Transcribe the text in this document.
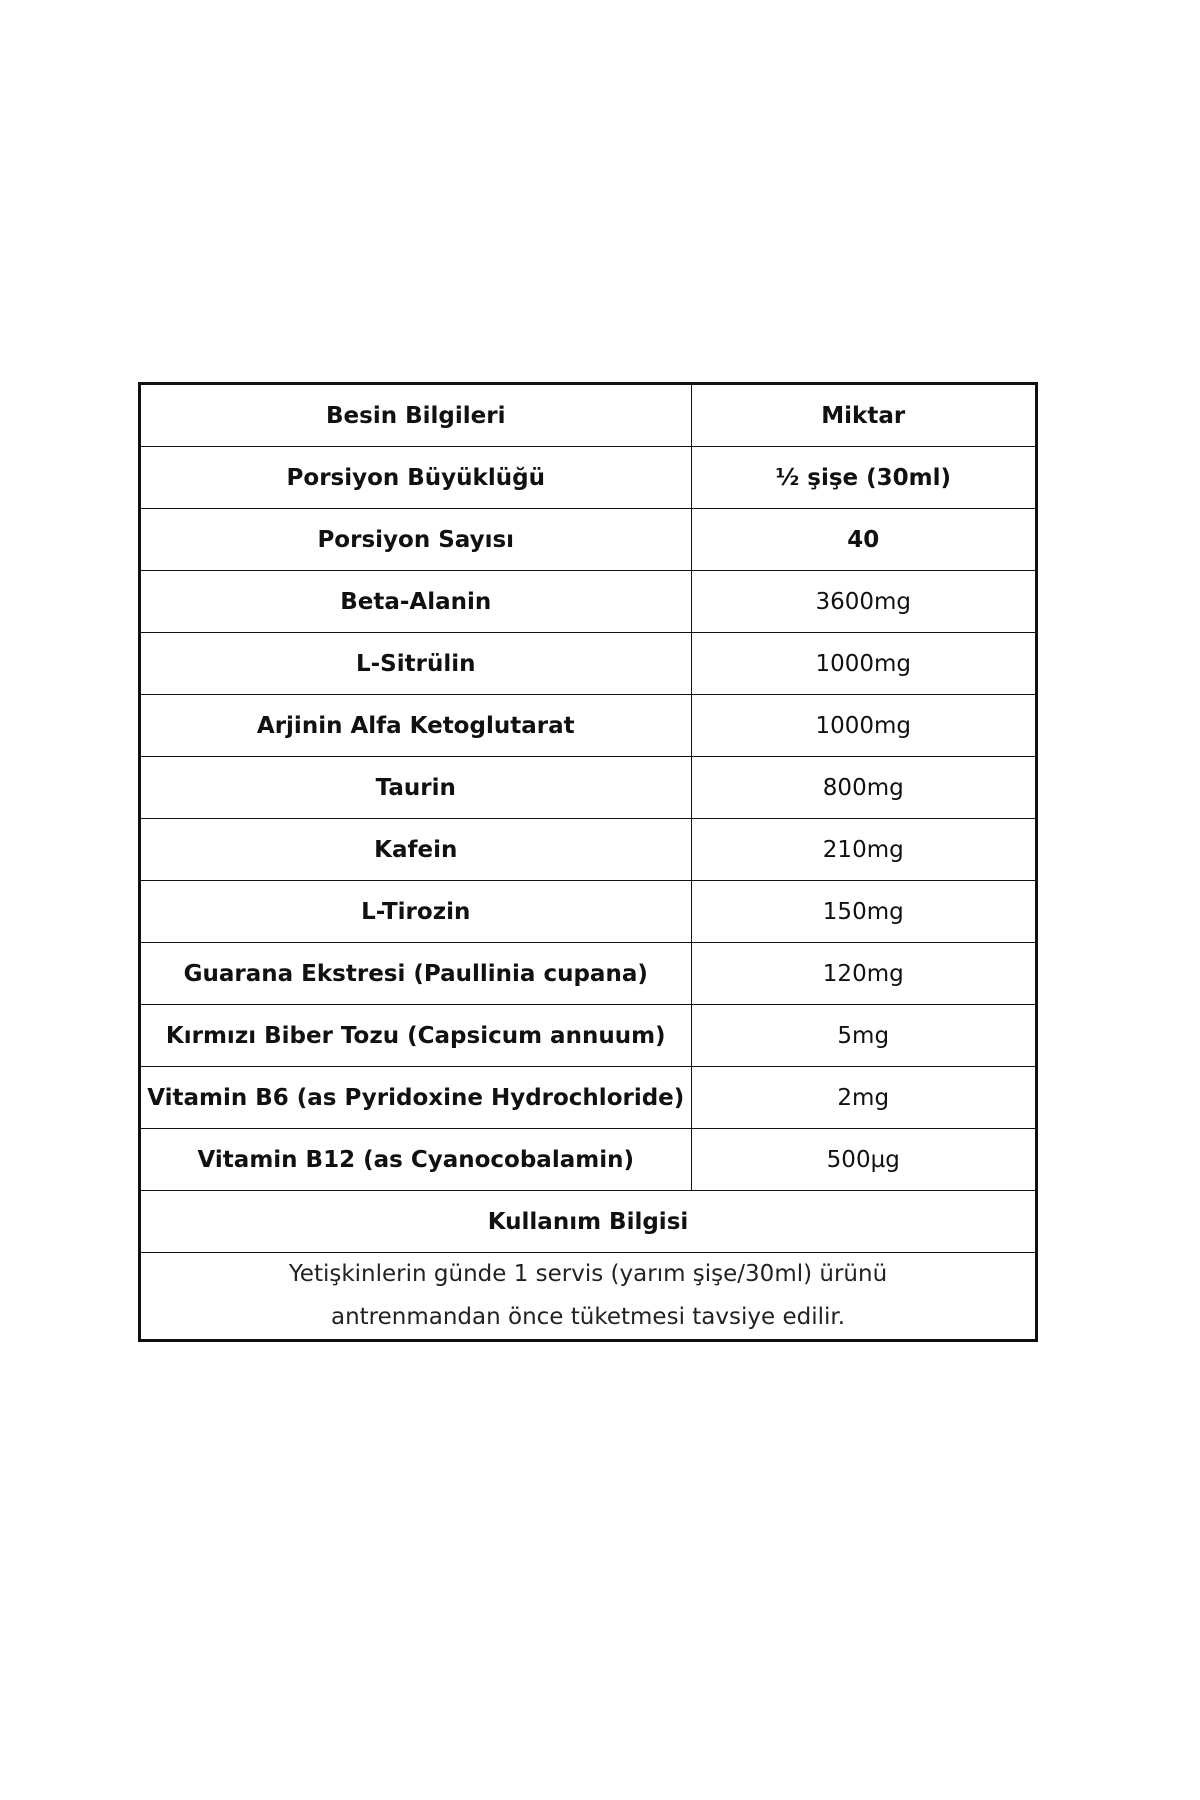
Besin Bilgileri	Miktar
Porsiyon Büyüklüğü	½ şişe (30ml)
Porsiyon Sayısı	40
Beta-Alanin	3600mg
L-Sitrülin	1000mg
Arjinin Alfa Ketoglutarat	1000mg
Taurin	800mg
Kafein	210mg
L-Tirozin	150mg
Guarana Ekstresi (Paullinia cupana)	120mg
Kırmızı Biber Tozu (Capsicum annuum)	5mg
Vitamin B6 (as Pyridoxine Hydrochloride)	2mg
Vitamin B12 (as Cyanocobalamin)	500µg
Kullanım Bilgisi	

Yetişkinlerin günde 1 servis (yarım şişe/30ml) ürünü
antrenmandan önce tüketmesi tavsiye edilir.	
